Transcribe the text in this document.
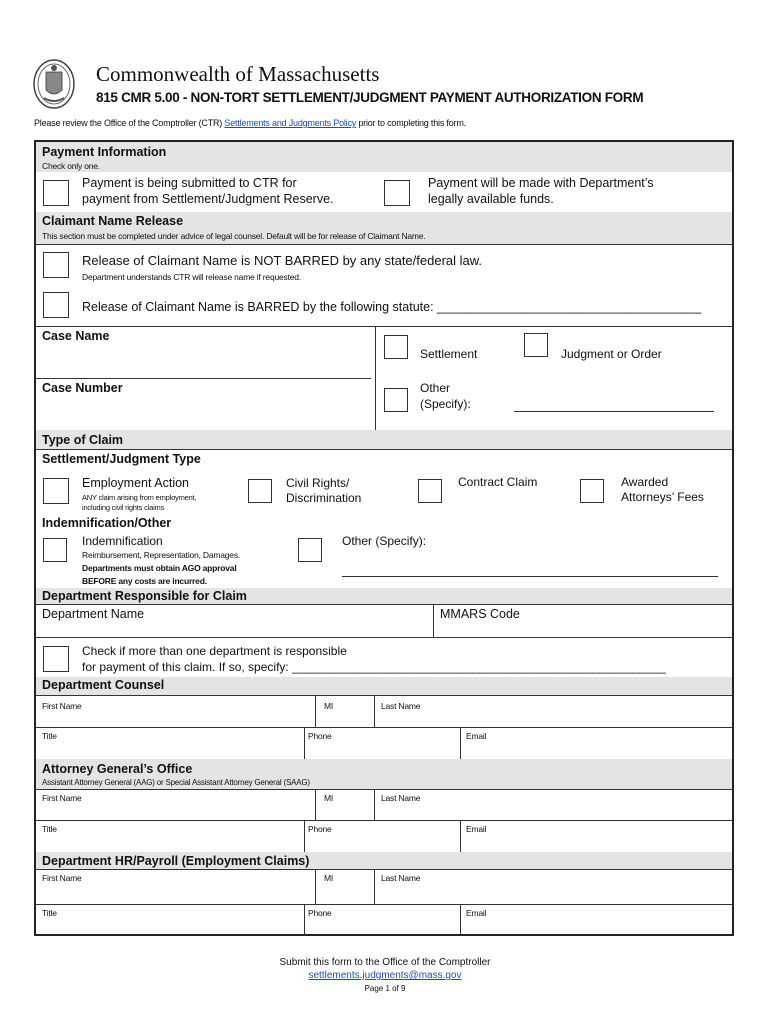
Commonwealth of Massachusetts
815 CMR 5.00 - NON-TORT SETTLEMENT/JUDGMENT PAYMENT AUTHORIZATION FORM
Please review the Office of the Comptroller (CTR) Settlements and Judgments Policy prior to completing this form.
Payment Information
Check only one.
Payment is being submitted to CTR for
payment from Settlement/Judgment Reserve.
Payment will be made with Department’s
legally available funds.
Claimant Name Release
This section must be completed under advice of legal counsel. Default will be for release of Claimant Name.
Release of Claimant Name is NOT BARRED by any state/federal law.
Department understands CTR will release name if requested.
Release of Claimant Name is BARRED by the following statute: ______________________________________
Case Name
Case Number
Settlement	Judgment or Order
Other
(Specify):
Type of Claim
Settlement/Judgment Type
Employment Action
ANY claim arising from employment,
including civil rights claims
Civil Rights/
Discrimination
Contract Claim	Awarded
Attorneys’ Fees
Indemnification/Other
Indemnification
Reimbursement, Representation, Damages.
Departments must obtain AGO approval
BEFORE any costs are incurred.
Other (Specify):
Department Responsible for Claim
Department Name	MMARS Code
Check if more than one department is responsible
for payment of this claim. If so, specify: ________________________________________________________
Department Counsel
First Name	MI	Last Name
Title	Phone	Email
Attorney General’s Office
Assistant Attorney General (AAG) or Special Assistant Attorney General (SAAG)
First Name	MI	Last Name
Title	Phone	Email
Department HR/Payroll (Employment Claims)
First Name	MI	Last Name
Title	Phone	Email
Submit this form to the Office of the Comptroller
settlements.judgments@mass.gov
Page 1 of 9
